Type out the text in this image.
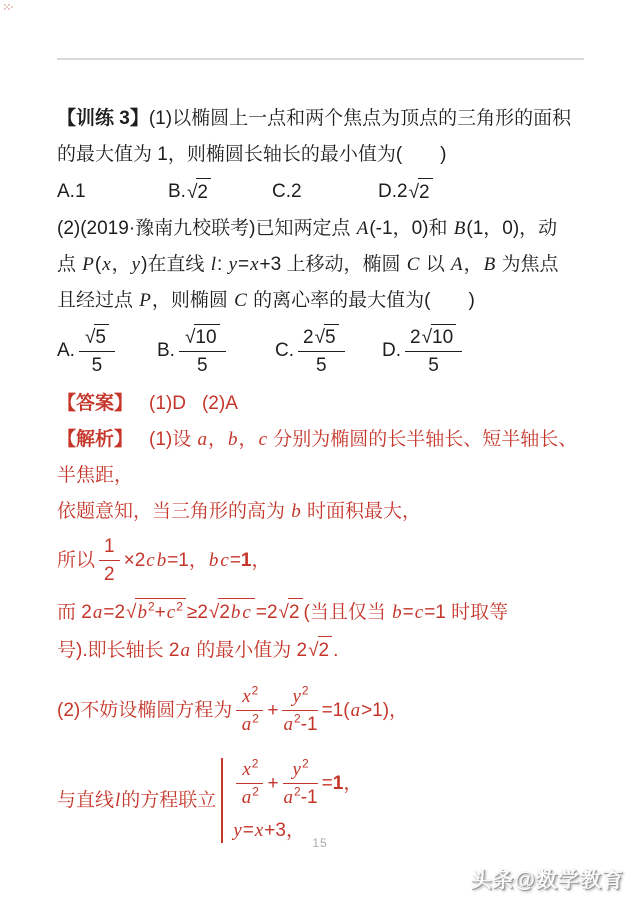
【训练 3】(1)以椭圆上一点和两个焦点为顶点的三角形的面积
的最大值为 1，则椭圆长轴长的最小值为(　　)
A.1	B. √ 2	C.2	D.2 √ 2
(2)(2019·豫南九校联考)已知两定点 A(-1，0)和 B(1，0)，动
点 P(x，y)在直线 l: y=x+3 上移动，椭圆 C 以 A，B 为焦点
且经过点 P，则椭圆 C 的离心率的最大值为(　　)
A. $\frac{√ 5}{5} B$. $\frac{√ 10}{5}$	C. $\frac{2 √ 5}{5} D$. $\frac{2 √ 10}{5}$
【答案】 (1)D (2)A
【解析】 (1)设 a，b，c 分别为椭圆的长半轴长、短半轴长、
半焦距，
依题意知，当三角形的高为 b 时面积最大，
所以 $\frac{1}{2} \times 2$ c b =1， b c = 1 ，
而 2a=2 √ $b^2+c^2 \ge 2$ √ 2b c =2 √ 2 (当且仅当 b=c=1 时取等
号).即长轴长 2a 的最小值为 2 √ 2 .
(2)不妨设椭圆方程为 $\frac{x^2}{a^2} + \frac{y^2}{a^2-1} =1$( a >1)，
与直线 l 的方程联立 $\frac{x^2}{a^2} + \frac{y^2}{a^2-1} = 1$ ，
y = x +3，
15
头条@数学教育
